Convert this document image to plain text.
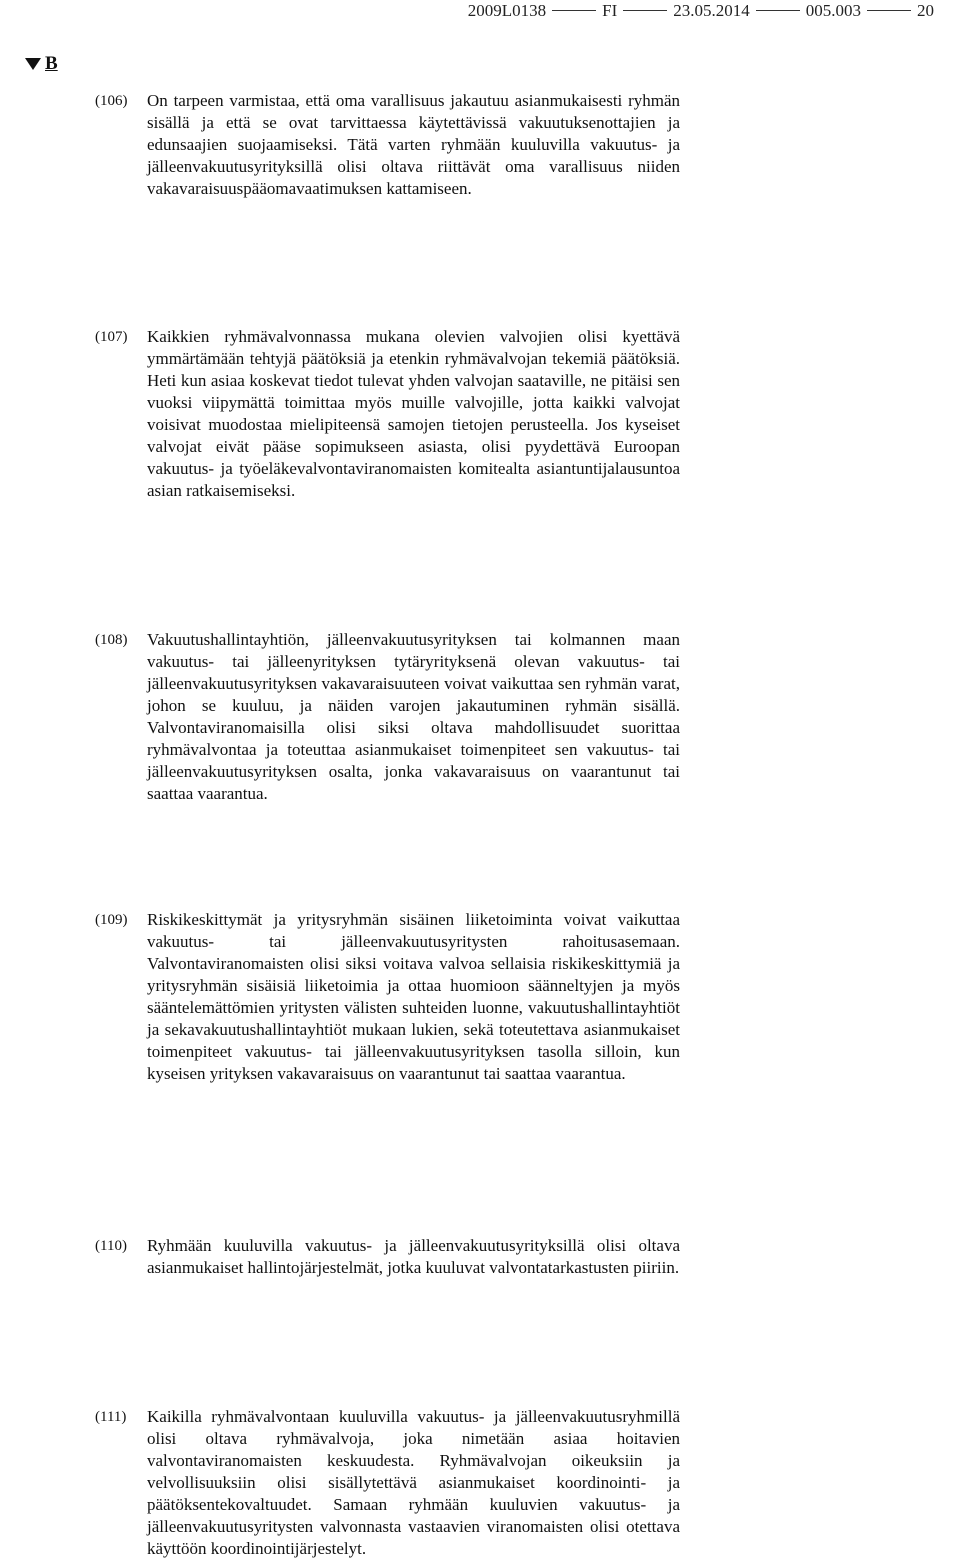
2009L0138	FI	23.05.2014	005.003	20
B
(106)	On tarpeen varmistaa, että oma varallisuus jakautuu asianmukaisesti ryhmän sisällä ja että se ovat tarvittaessa käytettävissä vakuutuksenottajien ja edunsaajien suojaamiseksi. Tätä varten ryhmään kuuluvilla vakuutus- ja jälleenvakuutusyrityksillä olisi oltava riittävät oma varallisuus niiden vakavaraisuuspääomavaatimuksen kattamiseen.
(107)	Kaikkien ryhmävalvonnassa mukana olevien valvojien olisi kyettävä ymmärtämään tehtyjä päätöksiä ja etenkin ryhmävalvojan tekemiä päätöksiä. Heti kun asiaa koskevat tiedot tulevat yhden valvojan saataville, ne pitäisi sen vuoksi viipymättä toimittaa myös muille valvojille, jotta kaikki valvojat voisivat muodostaa mielipiteensä samojen tietojen perusteella. Jos kyseiset valvojat eivät pääse sopimukseen asiasta, olisi pyydettävä Euroopan vakuutus- ja työeläkevalvontaviranomaisten komitealta asiantuntijalausuntoa asian ratkaisemiseksi.
(108)	Vakuutushallintayhtiön, jälleenvakuutusyrityksen tai kolmannen maan vakuutus- tai jälleenyrityksen tytäryrityksenä olevan vakuutus- tai jälleenvakuutusyrityksen vakavaraisuuteen voivat vaikuttaa sen ryhmän varat, johon se kuuluu, ja näiden varojen jakautuminen ryhmän sisällä. Valvontaviranomaisilla olisi siksi oltava mahdollisuudet suorittaa ryhmävalvontaa ja toteuttaa asianmukaiset toimenpiteet sen vakuutus- tai jälleenvakuutusyrityksen osalta, jonka vakavaraisuus on vaarantunut tai saattaa vaarantua.
(109)	Riskikeskittymät ja yritysryhmän sisäinen liiketoiminta voivat vaikuttaa vakuutus- tai jälleenvakuutusyritysten rahoitusasemaan. Valvontaviranomaisten olisi siksi voitava valvoa sellaisia riskikeskittymiä ja yritysryhmän sisäisiä liiketoimia ja ottaa huomioon säänneltyjen ja myös sääntelemättömien yritysten välisten suhteiden luonne, vakuutushallintayhtiöt ja sekavakuutushallintayhtiöt mukaan lukien, sekä toteutettava asianmukaiset toimenpiteet vakuutus- tai jälleenvakuutusyrityksen tasolla silloin, kun kyseisen yrityksen vakavaraisuus on vaarantunut tai saattaa vaarantua.
(110)	Ryhmään kuuluvilla vakuutus- ja jälleenvakuutusyrityksillä olisi oltava asianmukaiset hallintojärjestelmät, jotka kuuluvat valvontatarkastusten piiriin.
(111)	Kaikilla ryhmävalvontaan kuuluvilla vakuutus- ja jälleenvakuutusryhmillä olisi oltava ryhmävalvoja, joka nimetään asiaa hoitavien valvontaviranomaisten keskuudesta. Ryhmävalvojan oikeuksiin ja velvollisuuksiin olisi sisällytettävä asianmukaiset koordinointi- ja päätöksentekovaltuudet. Samaan ryhmään kuuluvien vakuutus- ja jälleenvakuutusyritysten valvonnasta vastaavien viranomaisten olisi otettava käyttöön koordinointijärjestelyt.
